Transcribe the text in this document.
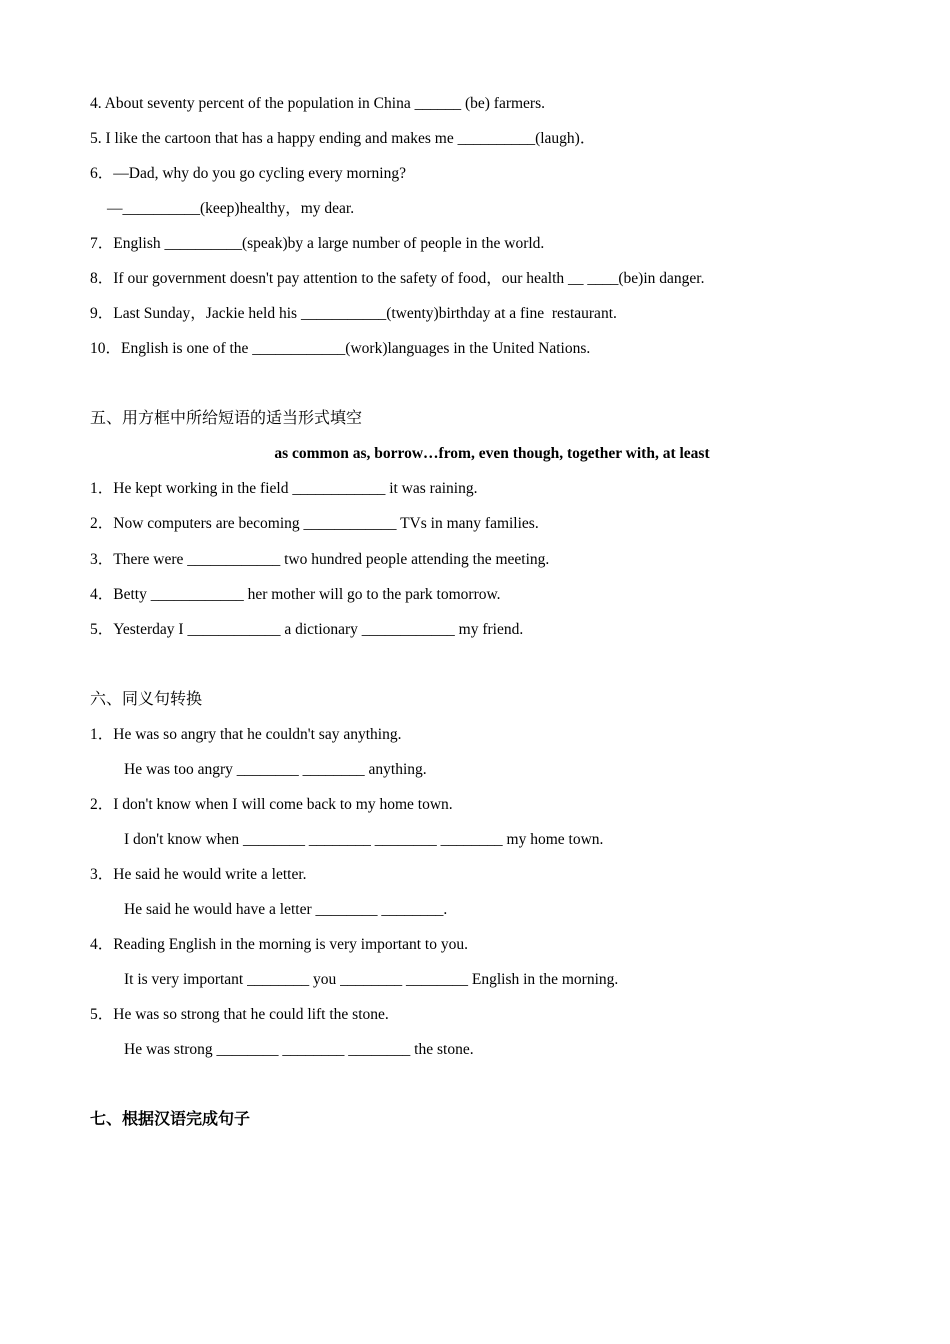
4. About seventy percent of the population in China ______ (be) farmers.
5. I like the cartoon that has a happy ending and makes me __________(laugh)．
6．—Dad, why do you go cycling every morning?
—__________(keep)healthy，my dear.
7．English __________(speak)by a large number of people in the world.
8．If our government doesn't pay attention to the safety of food，our health __ ____(be)in danger.
9．Last Sunday，Jackie held his ___________(twenty)birthday at a fine  restaurant.
10．English is one of the ____________(work)languages in the United Nations.
五、用方框中所给短语的适当形式填空
as common as, borrow…from, even though, together with, at least
1．He kept working in the field ____________ it was raining.
2．Now computers are becoming ____________ TVs in many families.
3．There were ____________ two hundred people attending the meeting.
4．Betty ____________ her mother will go to the park tomorrow.
5．Yesterday I ____________ a dictionary ____________ my friend.
六、同义句转换
1．He was so angry that he couldn't say anything.
He was too angry ________ ________ anything.
2．I don't know when I will come back to my home town.
I don't know when ________ ________ ________ ________ my home town.
3．He said he would write a letter.
He said he would have a letter ________ ________.
4．Reading English in the morning is very important to you.
It is very important ________ you ________ ________ English in the morning.
5．He was so strong that he could lift the stone.
He was strong ________ ________ ________ the stone.
七、根据汉语完成句子
